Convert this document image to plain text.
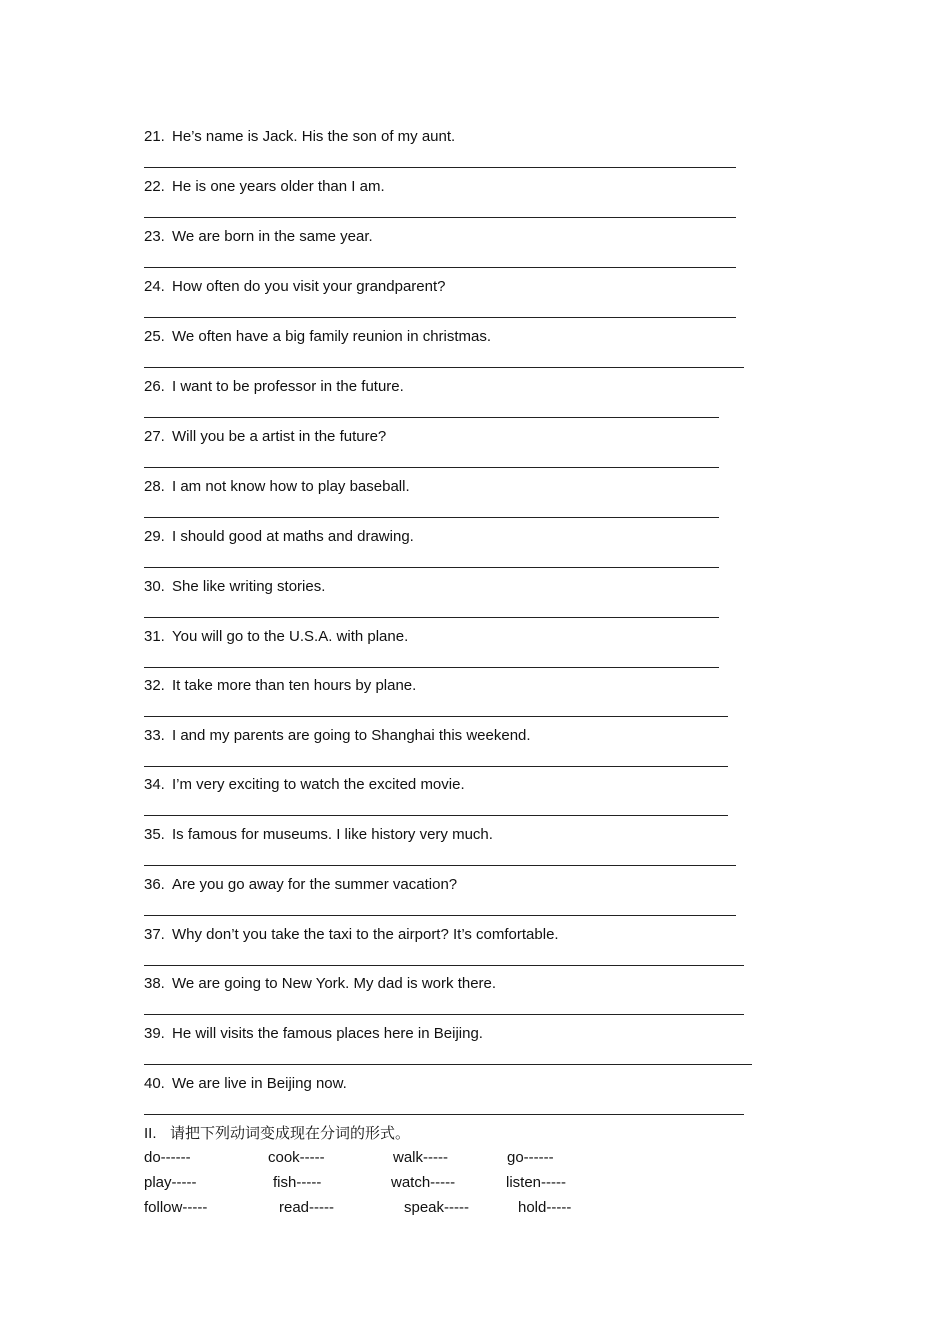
21. He’s name is Jack. His the son of my aunt.
22. He is one years older than I am.
23. We are born in the same year.
24. How often do you visit your grandparent?
25. We often have a big family reunion in christmas.
26. I want to be professor in the future.
27. Will you be a artist in the future?
28. I am not know how to play baseball.
29. I should good at maths and drawing.
30. She like writing stories.
31. You will go to the U.S.A. with plane.
32. It take more than ten hours by plane.
33. I and my parents are going to Shanghai this weekend.
34. I’m very exciting to watch the excited movie.
35. Is famous for museums. I like history very much.
36. Are you go away for the summer vacation?
37. Why don’t you take the taxi to the airport? It’s comfortable.
38. We are going to New York. My dad is work there.
39. He will visits the famous places here in Beijing.
40. We are live in Beijing now.
do------	cook-----	walk-----	go------
play-----	fish-----	watch-----	listen-----
follow-----	read-----	speak-----	hold-----
II. 请把下列动词变成现在分词的形式。
